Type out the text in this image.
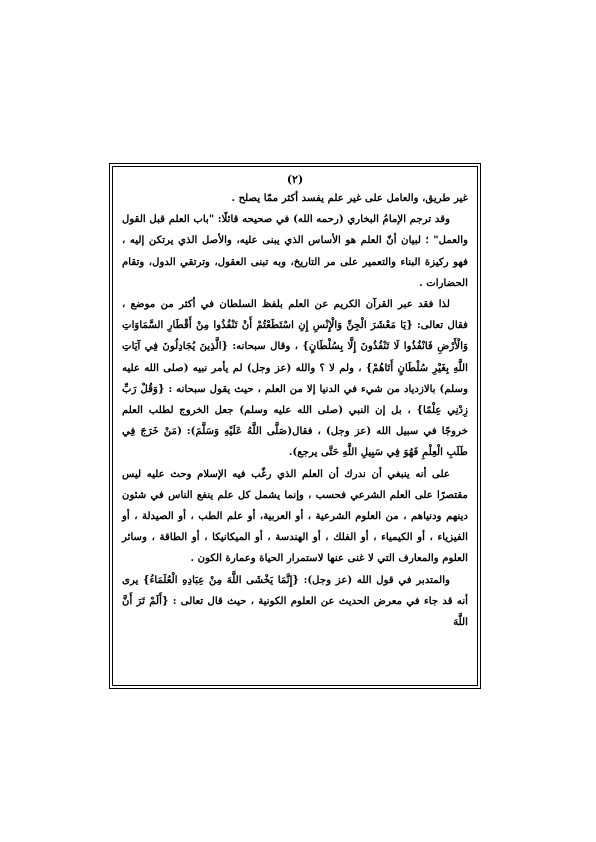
(٢)

غير طريق، والعامل على غير علم يفسد أكثر ممّا يصلح .

وقد ترجم الإمامُ البخاري (رحمه الله) في صحيحه قائلًا: "باب العلم قبل القول والعمل" ؛ لبيان أنّ العلم هو الأساس الذي يبنى عليه، والأصل الذي يرتكن إليه ، فهو ركيزة البناء والتعمير على مر التاريخ، وبه تبنى العقول، وترتقي الدول، وتقام الحضارات .

لذا فقد عبر القرآن الكريم عن العلم بلفظ السلطان في أكثر من موضع ، فقال تعالى: {يَا مَعْشَرَ الْجِنِّ وَالْإِنْسِ إِنِ اسْتَطَعْتُمْ أَنْ تَنْفُذُوا مِنْ أَقْطَارِ السَّمَاوَاتِ وَالْأَرْضِ فَانْفُذُوا لَا تَنْفُذُونَ إِلَّا بِسُلْطَانٍ} ، وقال سبحانه: {الَّذِينَ يُجَادِلُونَ فِي آيَاتِ اللَّهِ بِغَيْرِ سُلْطَانٍ أَتَاهُمْ} ، ولم لا ؟ والله (عز وجل) لم يأمر نبيه (صلى الله عليه وسلم) بالازدياد من شيء في الدنيا إلا من العلم ، حيث يقول سبحانه : {وَقُلْ رَبِّ زِدْنِي عِلْمًا} ، بل إن النبي (صلى الله عليه وسلم) جعل الخروج لطلب العلم خروجًا في سبيل الله (عز وجل) ، فقال(صَلَّى اللَّهُ عَلَيْهِ وَسَلَّمَ): (مَنْ خَرَجَ فِي طَلَبِ الْعِلْمِ فَهُوَ فِي سَبِيلِ اللَّهِ حَتَّى يرجع).

على أنه ينبغي أن ندرك أن العلم الذي رغّب فيه الإسلام وحث عليه ليس مقتصرًا على العلم الشرعي فحسب ، وإنما يشمل كل علم ينفع الناس في شئون دينهم ودنياهم ، من العلوم الشرعية ، أو العربية، أو علم الطب ، أو الصيدلة ، أو الفيزياء ، أو الكيمياء ، أو الفلك ، أو الهندسة ، أو الميكانيكا ، أو الطاقة ، وسائر العلوم والمعارف التي لا غنى عنها لاستمرار الحياة وعمارة الكون .

والمتدبر في قول الله (عز وجل): {إِنَّمَا يَخْشَى اللَّهَ مِنْ عِبَادِهِ الْعُلَمَاءُ} يرى أنه قد جاء في معرض الحديث عن العلوم الكونية ، حيث قال تعالى : {أَلَمْ تَرَ أَنَّ اللَّهَ
